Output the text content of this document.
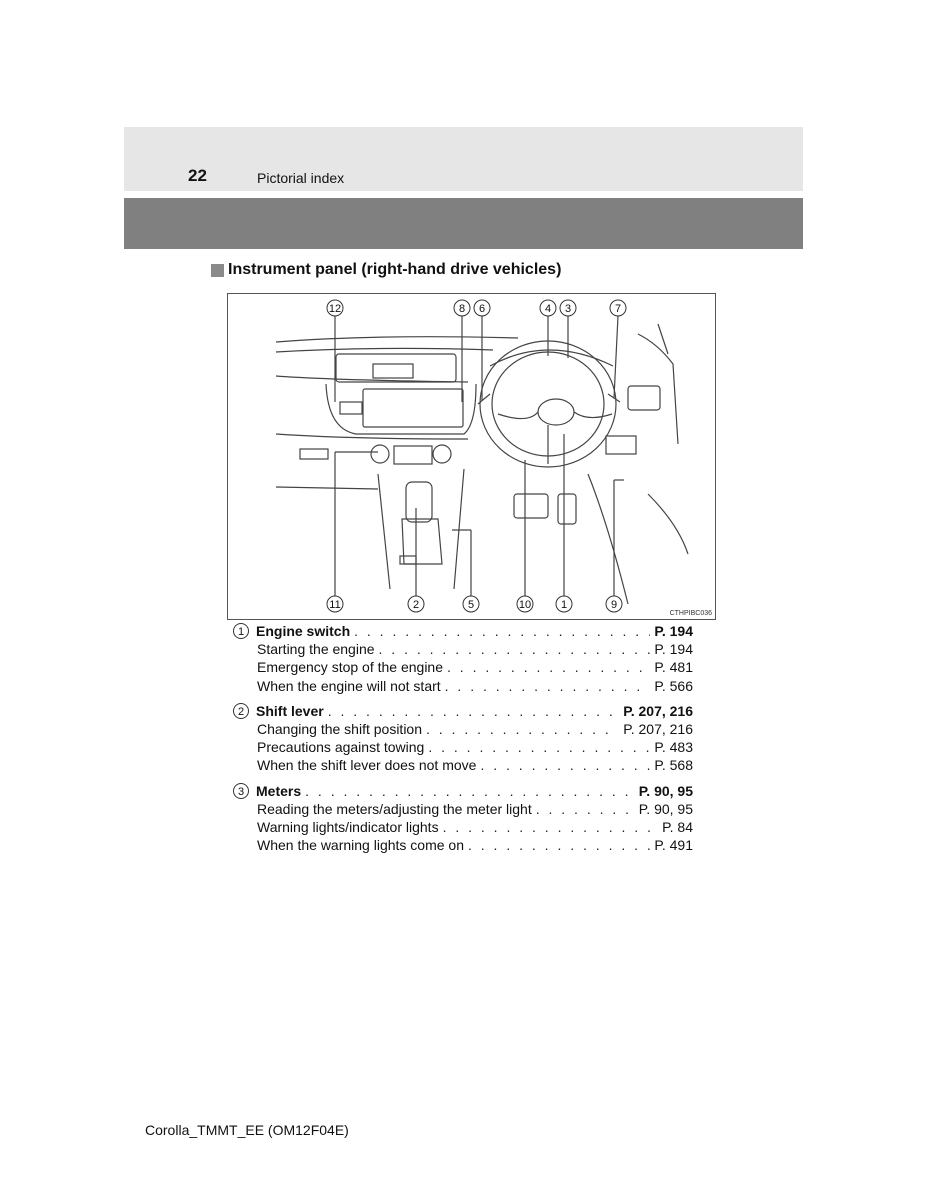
22	Pictorial index
Instrument panel (right-hand drive vehicles)
12	8 6	4 3	7
11	2	5	10	1	9
CTHPIBC036
1 Engine switch . . .	P. 194
Starting the engine . . .	P. 194
Emergency stop of the engine . . .	P. 481
When the engine will not start . . .	P. 566
2 Shift lever . . .	P. 207, 216
Changing the shift position . . .	P. 207, 216
Precautions against towing . . .	P. 483
When the shift lever does not move . . .	P. 568
3 Meters . . .	P. 90, 95
Reading the meters/adjusting the meter light . . .	P. 90, 95
Warning lights/indicator lights . . .	P. 84
When the warning lights come on . . .	P. 491
Corolla_TMMT_EE (OM12F04E)
